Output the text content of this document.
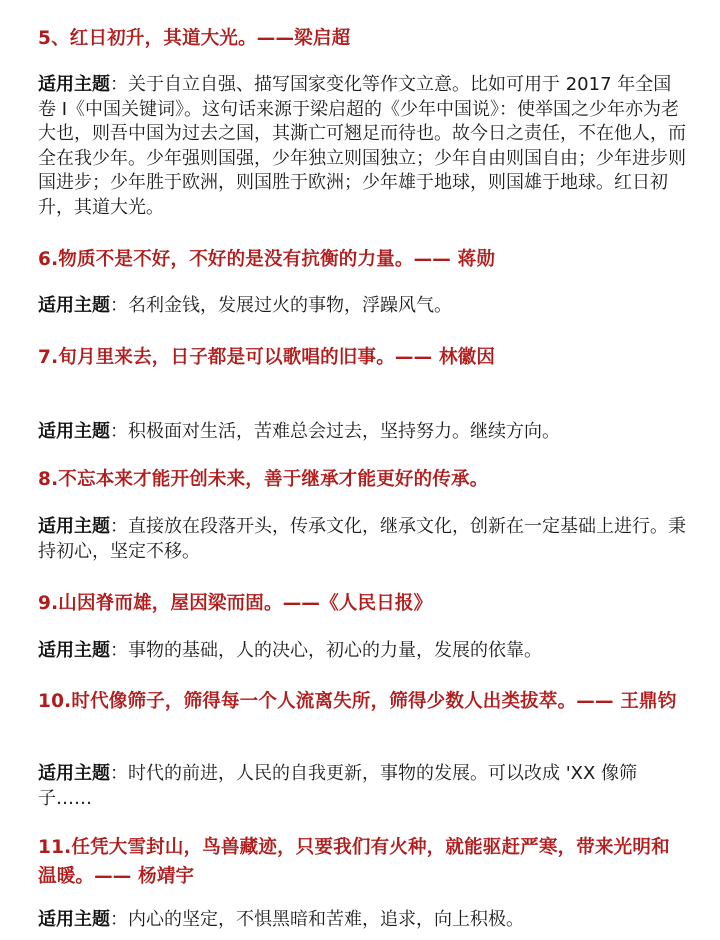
5、红日初升，其道大光。——梁启超

适用主题：关于自立自强、描写国家变化等作文立意。比如可用于 2017 年全国卷 I《中国关键词》。这句话来源于梁启超的《少年中国说》：使举国之少年亦为老大也，则吾中国为过去之国，其澌亡可翘足而待也。故今日之责任，不在他人，而全在我少年。少年强则国强，少年独立则国独立；少年自由则国自由；少年进步则国进步；少年胜于欧洲，则国胜于欧洲；少年雄于地球，则国雄于地球。红日初升，其道大光。

6.物质不是不好，不好的是没有抗衡的力量。—— 蒋勋

适用主题：名利金钱，发展过火的事物，浮躁风气。

7.旬月里来去，日子都是可以歌唱的旧事。—— 林徽因

适用主题：积极面对生活，苦难总会过去，坚持努力。继续方向。

8.不忘本来才能开创未来，善于继承才能更好的传承。

适用主题：直接放在段落开头，传承文化，继承文化，创新在一定基础上进行。秉持初心，坚定不移。

9.山因脊而雄，屋因梁而固。——《人民日报》

适用主题：事物的基础，人的决心，初心的力量，发展的依靠。

10.时代像筛子，筛得每一个人流离失所，筛得少数人出类拔萃。—— 王鼎钧

适用主题：时代的前进，人民的自我更新，事物的发展。可以改成 'XX 像筛子……

11.任凭大雪封山，鸟兽藏迹，只要我们有火种，就能驱赶严寒，带来光明和温暖。—— 杨靖宇

适用主题：内心的坚定，不惧黑暗和苦难，追求，向上积极。
